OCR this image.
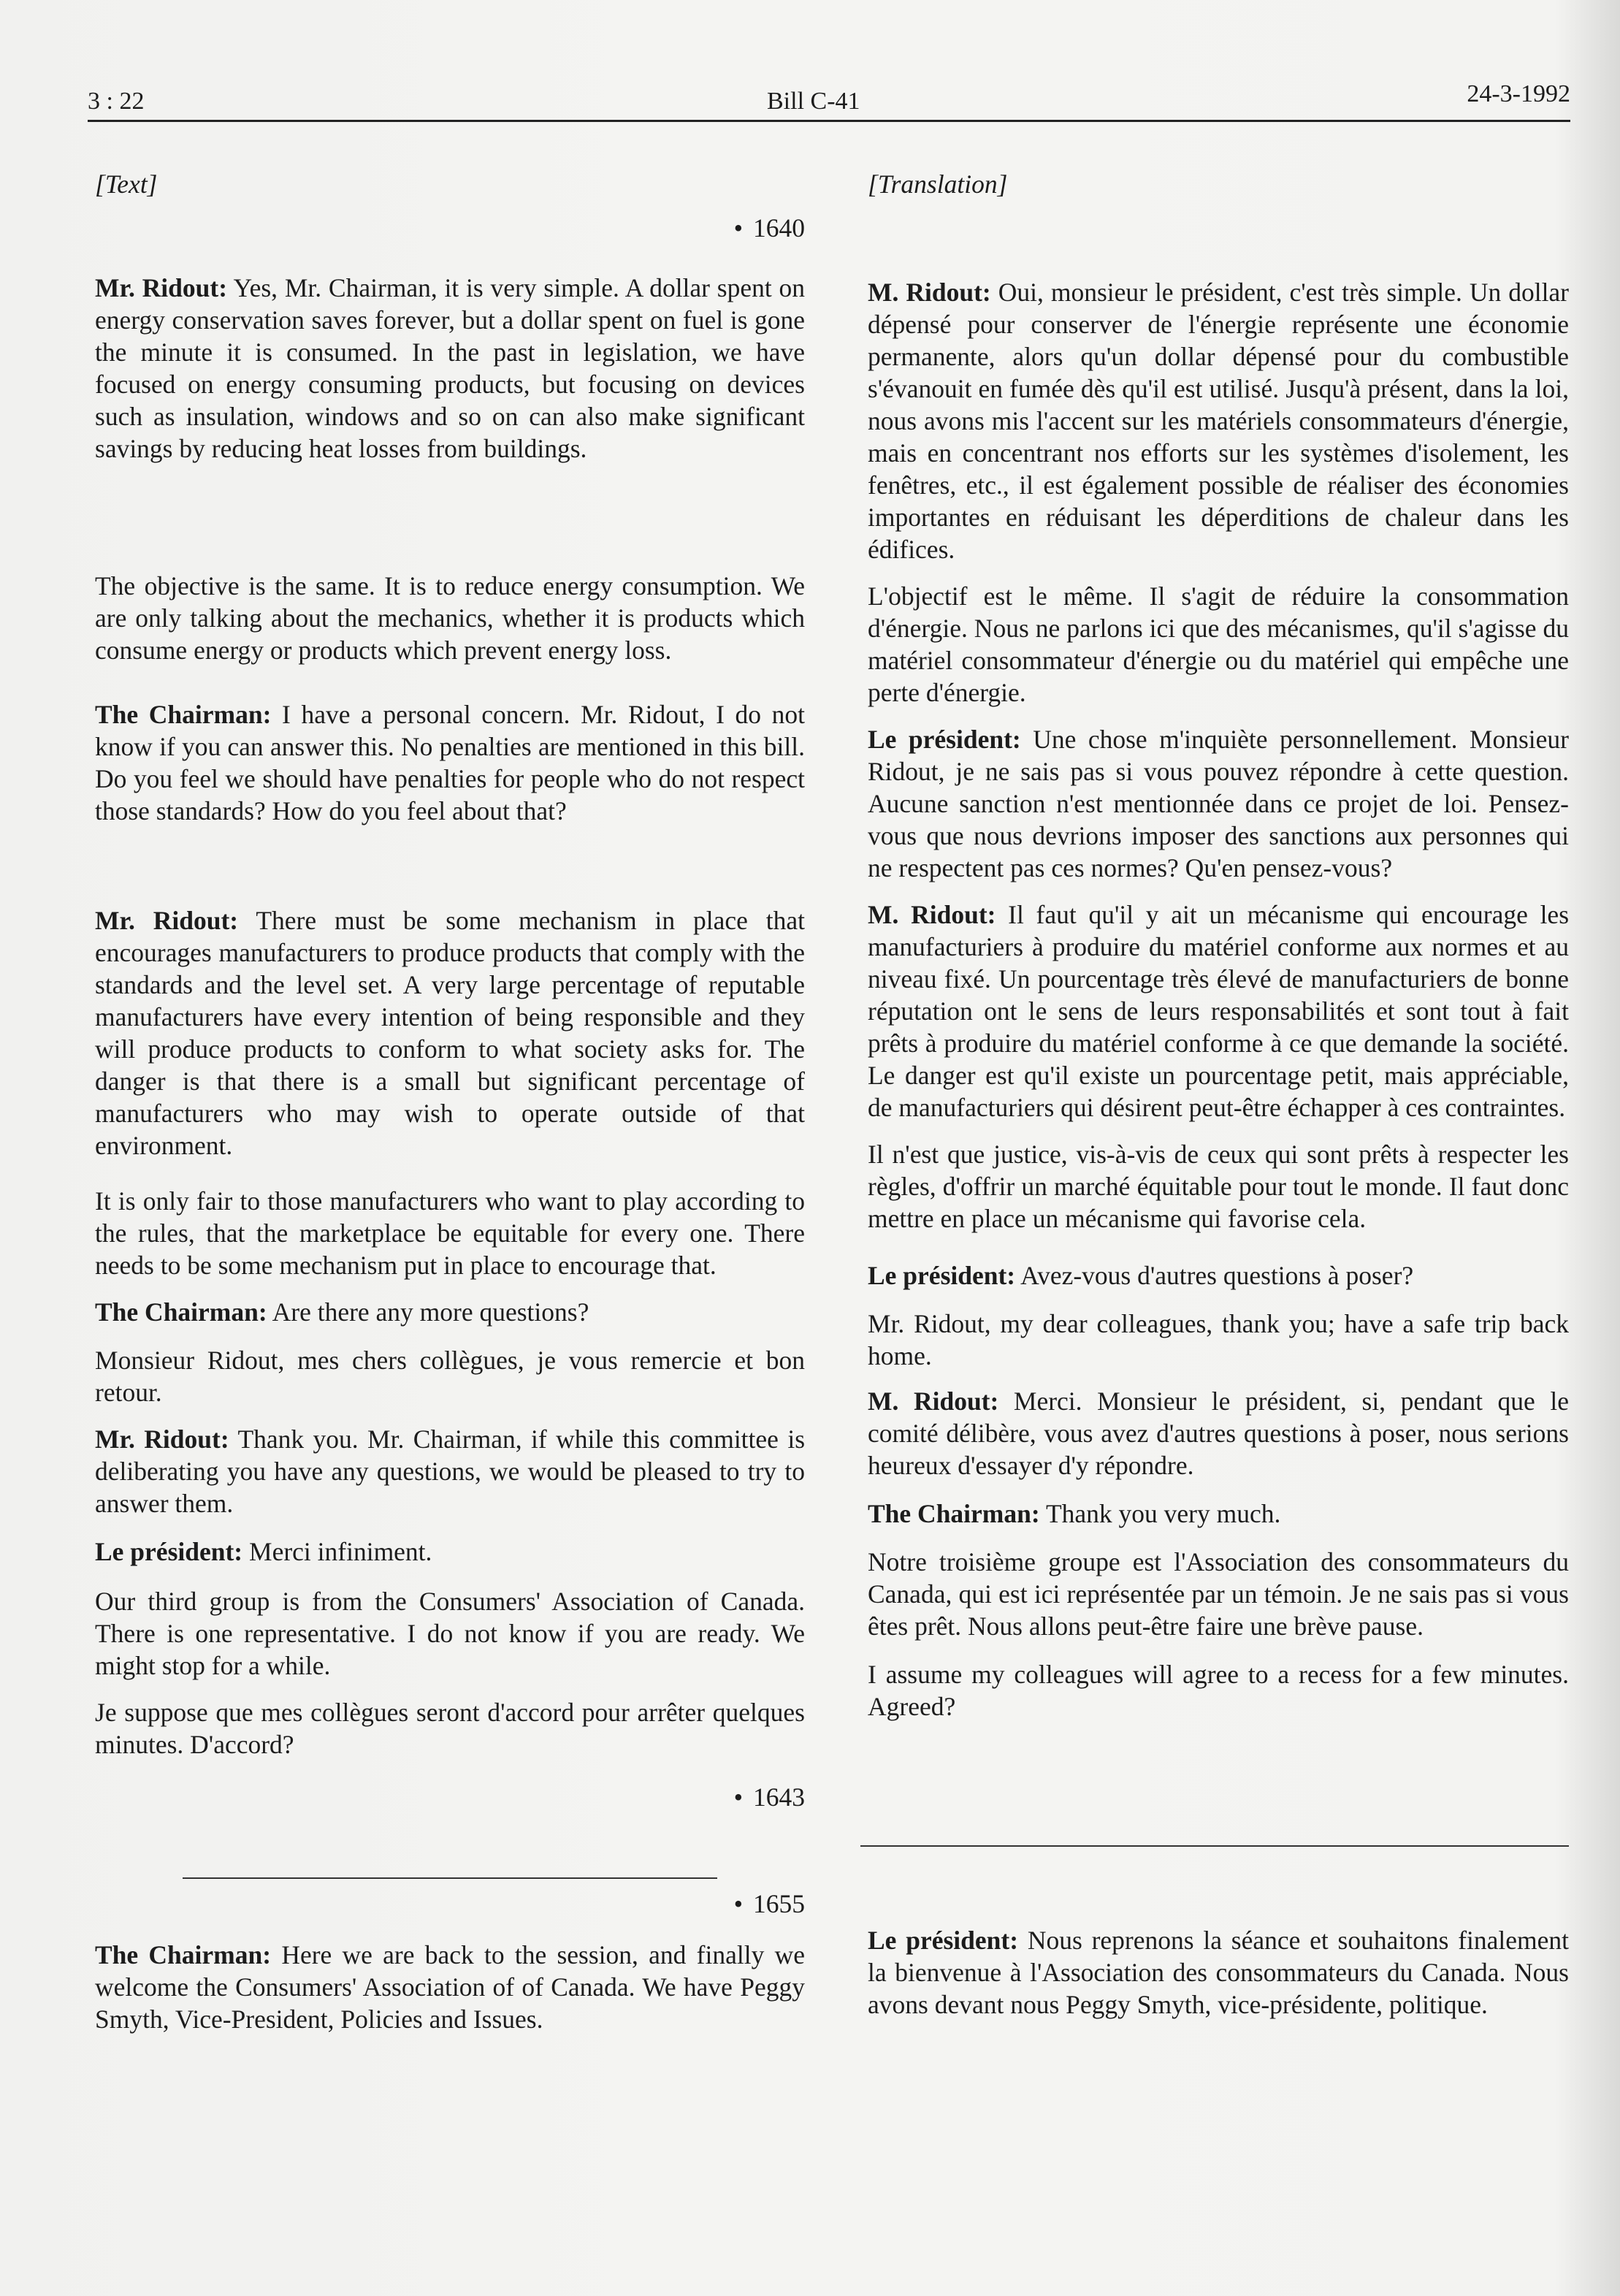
3 : 22	Bill C-41	24-3-1992

[Text]

• 1640

Mr. Ridout: Yes, Mr. Chairman, it is very simple. A dollar spent on energy conservation saves forever, but a dollar spent on fuel is gone the minute it is consumed. In the past in legislation, we have focused on energy consuming products, but focusing on devices such as insulation, windows and so on can also make significant savings by reducing heat losses from buildings.

The objective is the same. It is to reduce energy consumption. We are only talking about the mechanics, whether it is products which consume energy or products which prevent energy loss.

The Chairman: I have a personal concern. Mr. Ridout, I do not know if you can answer this. No penalties are mentioned in this bill. Do you feel we should have penalties for people who do not respect those standards? How do you feel about that?

Mr. Ridout: There must be some mechanism in place that encourages manufacturers to produce products that comply with the standards and the level set. A very large percentage of reputable manufacturers have every intention of being responsible and they will produce products to conform to what society asks for. The danger is that there is a small but significant percentage of manufacturers who may wish to operate outside of that environment.

It is only fair to those manufacturers who want to play according to the rules, that the marketplace be equitable for every one. There needs to be some mechanism put in place to encourage that.

The Chairman: Are there any more questions?

Monsieur Ridout, mes chers collègues, je vous remercie et bon retour.

Mr. Ridout: Thank you. Mr. Chairman, if while this committee is deliberating you have any questions, we would be pleased to try to answer them.

Le président: Merci infiniment.

Our third group is from the Consumers' Association of Canada. There is one representative. I do not know if you are ready. We might stop for a while.

Je suppose que mes collègues seront d'accord pour arrêter quelques minutes. D'accord?

• 1643

• 1655

The Chairman: Here we are back to the session, and finally we welcome the Consumers' Association of of Canada. We have Peggy Smyth, Vice-President, Policies and Issues.

[Translation]

M. Ridout: Oui, monsieur le président, c'est très simple. Un dollar dépensé pour conserver de l'énergie représente une économie permanente, alors qu'un dollar dépensé pour du combustible s'évanouit en fumée dès qu'il est utilisé. Jusqu'à présent, dans la loi, nous avons mis l'accent sur les matériels consommateurs d'énergie, mais en concentrant nos efforts sur les systèmes d'isolement, les fenêtres, etc., il est également possible de réaliser des économies importantes en réduisant les déperditions de chaleur dans les édifices.

L'objectif est le même. Il s'agit de réduire la consommation d'énergie. Nous ne parlons ici que des mécanismes, qu'il s'agisse du matériel consommateur d'énergie ou du matériel qui empêche une perte d'énergie.

Le président: Une chose m'inquiète personnellement. Monsieur Ridout, je ne sais pas si vous pouvez répondre à cette question. Aucune sanction n'est mentionnée dans ce projet de loi. Pensez-vous que nous devrions imposer des sanctions aux personnes qui ne respectent pas ces normes? Qu'en pensez-vous?

M. Ridout: Il faut qu'il y ait un mécanisme qui encourage les manufacturiers à produire du matériel conforme aux normes et au niveau fixé. Un pourcentage très élevé de manufacturiers de bonne réputation ont le sens de leurs responsabilités et sont tout à fait prêts à produire du matériel conforme à ce que demande la société. Le danger est qu'il existe un pourcentage petit, mais appréciable, de manufacturiers qui désirent peut-être échapper à ces contraintes.

Il n'est que justice, vis-à-vis de ceux qui sont prêts à respecter les règles, d'offrir un marché équitable pour tout le monde. Il faut donc mettre en place un mécanisme qui favorise cela.

Le président: Avez-vous d'autres questions à poser?

Mr. Ridout, my dear colleagues, thank you; have a safe trip back home.

M. Ridout: Merci. Monsieur le président, si, pendant que le comité délibère, vous avez d'autres questions à poser, nous serions heureux d'essayer d'y répondre.

The Chairman: Thank you very much.

Notre troisième groupe est l'Association des consommateurs du Canada, qui est ici représentée par un témoin. Je ne sais pas si vous êtes prêt. Nous allons peut-être faire une brève pause.

I assume my colleagues will agree to a recess for a few minutes. Agreed?

Le président: Nous reprenons la séance et souhaitons finalement la bienvenue à l'Association des consommateurs du Canada. Nous avons devant nous Peggy Smyth, vice-présidente, politique.
